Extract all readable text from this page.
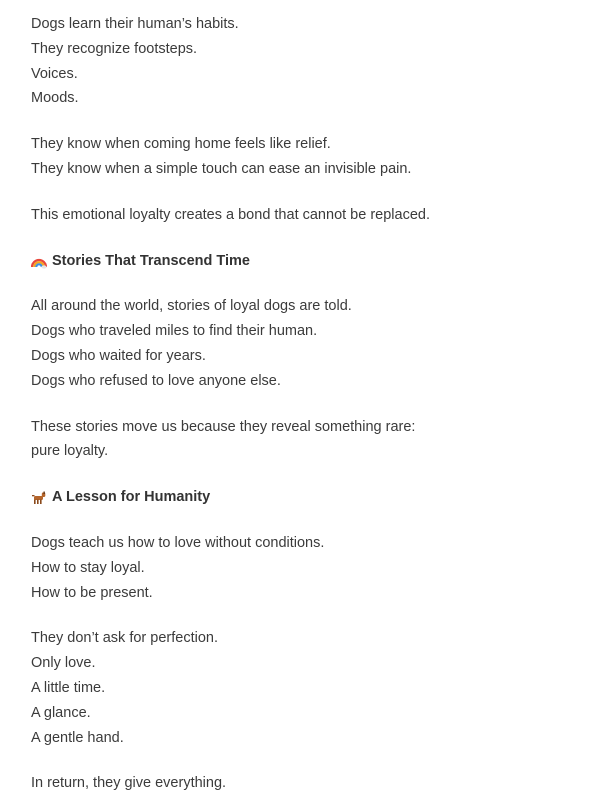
Dogs learn their human’s habits.
They recognize footsteps.
Voices.
Moods.
They know when coming home feels like relief.
They know when a simple touch can ease an invisible pain.
This emotional loyalty creates a bond that cannot be replaced.
Stories That Transcend Time
All around the world, stories of loyal dogs are told.
Dogs who traveled miles to find their human.
Dogs who waited for years.
Dogs who refused to love anyone else.
These stories move us because they reveal something rare:
pure loyalty.
A Lesson for Humanity
Dogs teach us how to love without conditions.
How to stay loyal.
How to be present.
They don’t ask for perfection.
Only love.
A little time.
A glance.
A gentle hand.
In return, they give everything.
